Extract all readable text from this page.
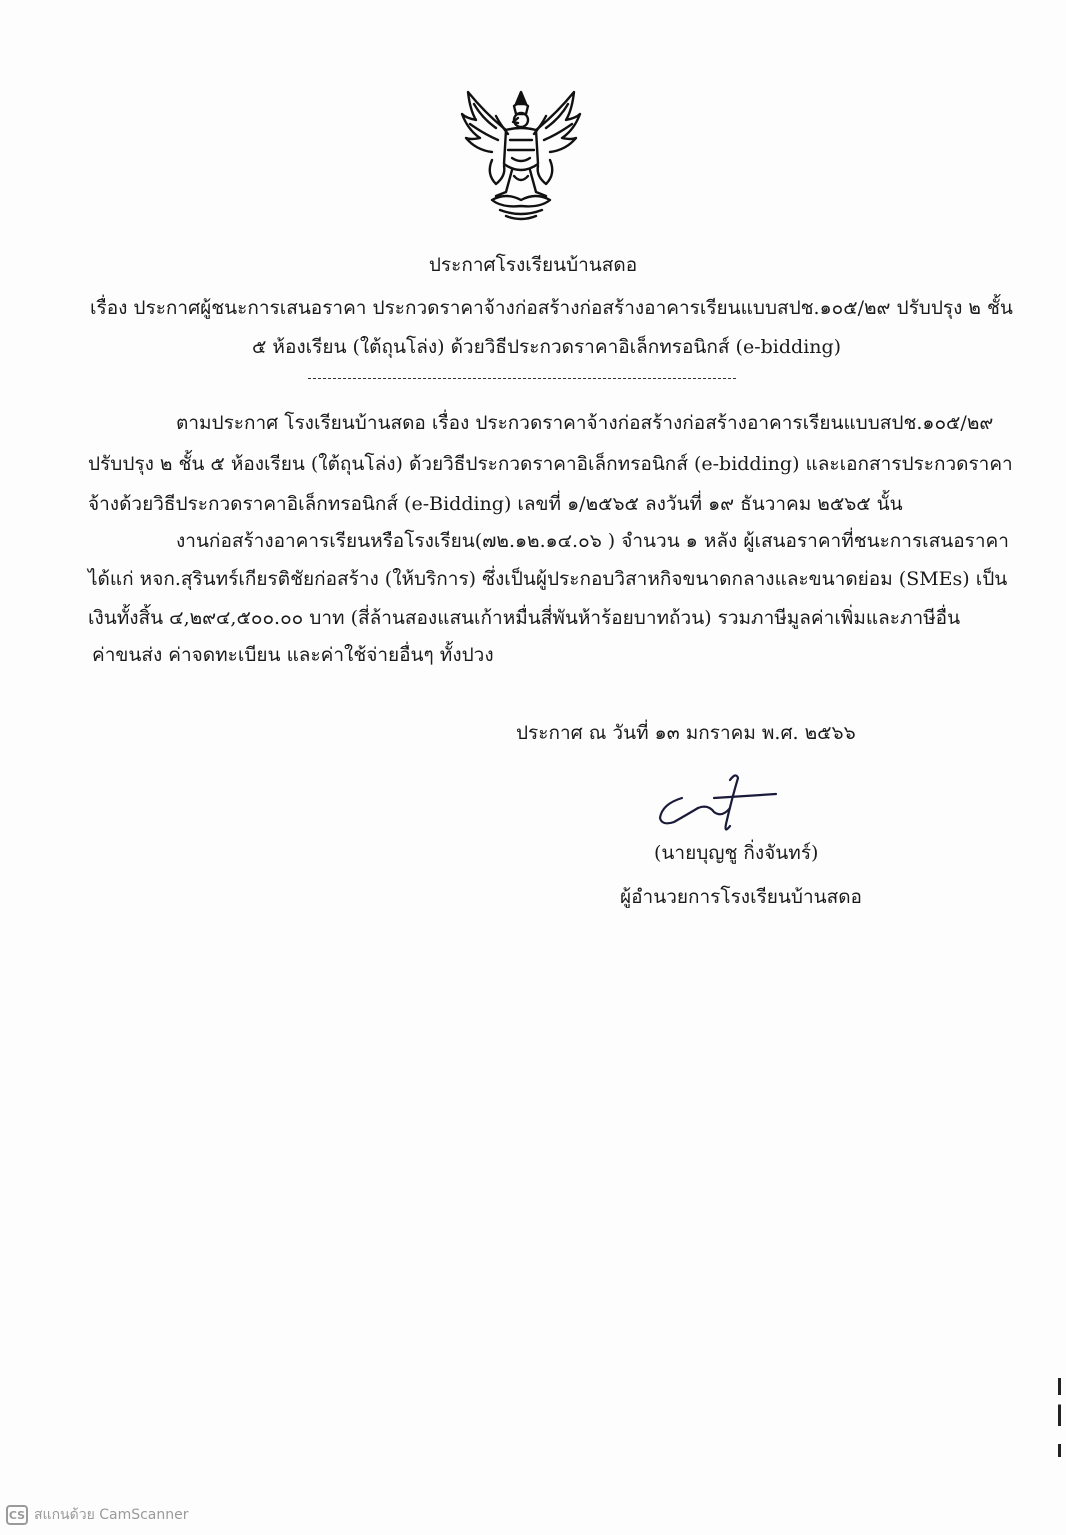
ประกาศโรงเรียนบ้านสดอ
เรื่อง ประกาศผู้ชนะการเสนอราคา ประกวดราคาจ้างก่อสร้างก่อสร้างอาคารเรียนแบบสปช.๑๐๕/๒๙ ปรับปรุง ๒ ชั้น
๕ ห้องเรียน (ใต้ถุนโล่ง) ด้วยวิธีประกวดราคาอิเล็กทรอนิกส์ (e-bidding)
ตามประกาศ โรงเรียนบ้านสดอ เรื่อง ประกวดราคาจ้างก่อสร้างก่อสร้างอาคารเรียนแบบสปช.๑๐๕/๒๙
ปรับปรุง ๒ ชั้น ๕ ห้องเรียน (ใต้ถุนโล่ง) ด้วยวิธีประกวดราคาอิเล็กทรอนิกส์ (e-bidding) และเอกสารประกวดราคา
จ้างด้วยวิธีประกวดราคาอิเล็กทรอนิกส์ (e-Bidding) เลขที่ ๑/๒๕๖๕ ลงวันที่ ๑๙ ธันวาคม ๒๕๖๕ นั้น
งานก่อสร้างอาคารเรียนหรือโรงเรียน(๗๒.๑๒.๑๔.๐๖ ) จำนวน ๑ หลัง ผู้เสนอราคาที่ชนะการเสนอราคา
ได้แก่ หจก.สุรินทร์เกียรติชัยก่อสร้าง (ให้บริการ) ซึ่งเป็นผู้ประกอบวิสาหกิจขนาดกลางและขนาดย่อม (SMEs) เป็น
เงินทั้งสิ้น ๔,๒๙๔,๕๐๐.๐๐ บาท (สี่ล้านสองแสนเก้าหมื่นสี่พันห้าร้อยบาทถ้วน) รวมภาษีมูลค่าเพิ่มและภาษีอื่น
ค่าขนส่ง ค่าจดทะเบียน และค่าใช้จ่ายอื่นๆ ทั้งปวง
ประกาศ ณ วันที่ ๑๓ มกราคม พ.ศ. ๒๕๖๖
(นายบุญชู กิ่งจันทร์)
ผู้อำนวยการโรงเรียนบ้านสดอ
CS สแกนด้วย CamScanner
